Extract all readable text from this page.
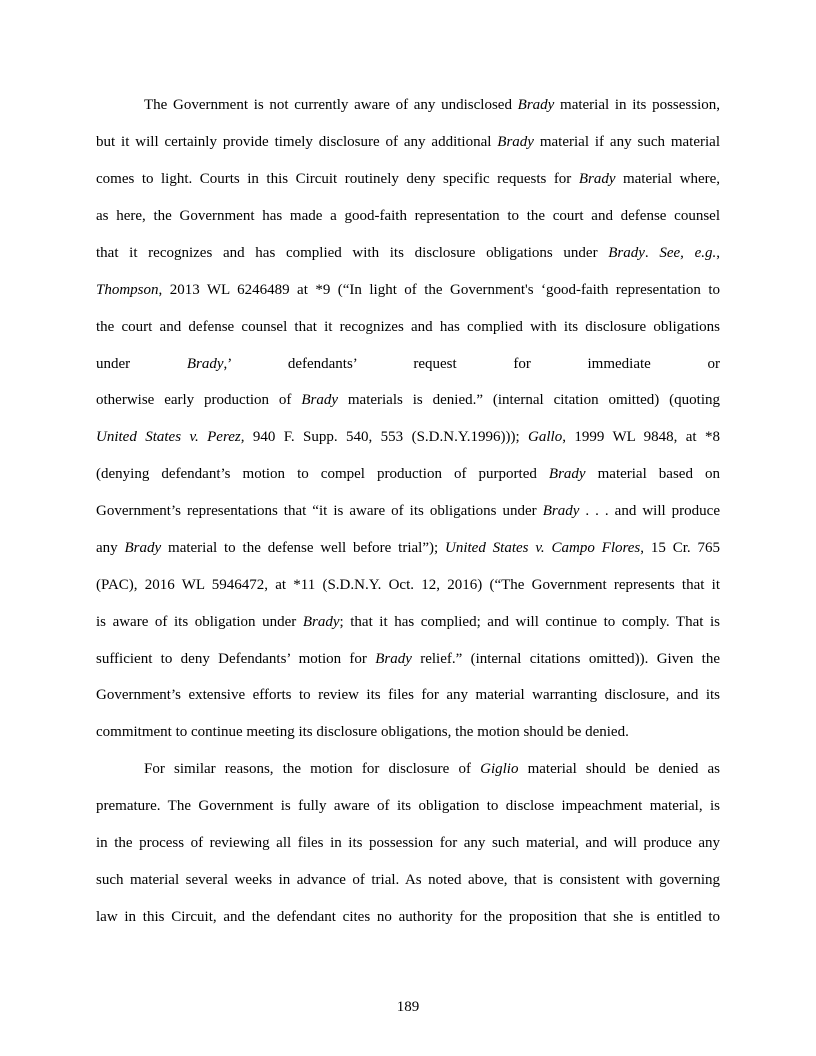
The Government is not currently aware of any undisclosed Brady material in its possession,
but it will certainly provide timely disclosure of any additional Brady material if any such material
comes to light. Courts in this Circuit routinely deny specific requests for Brady material where,
as here, the Government has made a good-faith representation to the court and defense counsel
that it recognizes and has complied with its disclosure obligations under Brady. See, e.g.,
Thompson, 2013 WL 6246489 at *9 (“In light of the Government's ‘good-faith representation to
the court and defense counsel that it recognizes and has complied with its disclosure obligations
under Brady,’ defendants’ request for immediate or
otherwise early production of Brady materials is denied.” (internal citation omitted) (quoting
United States v. Perez, 940 F. Supp. 540, 553 (S.D.N.Y.1996))); Gallo, 1999 WL 9848, at *8
(denying defendant’s motion to compel production of purported Brady material based on
Government’s representations that “it is aware of its obligations under Brady . . . and will produce
any Brady material to the defense well before trial”); United States v. Campo Flores, 15 Cr. 765
(PAC), 2016 WL 5946472, at *11 (S.D.N.Y. Oct. 12, 2016) (“The Government represents that it
is aware of its obligation under Brady; that it has complied; and will continue to comply. That is
sufficient to deny Defendants’ motion for Brady relief.” (internal citations omitted)). Given the
Government’s extensive efforts to review its files for any material warranting disclosure, and its
commitment to continue meeting its disclosure obligations, the motion should be denied.
For similar reasons, the motion for disclosure of Giglio material should be denied as
premature. The Government is fully aware of its obligation to disclose impeachment material, is
in the process of reviewing all files in its possession for any such material, and will produce any
such material several weeks in advance of trial. As noted above, that is consistent with governing
law in this Circuit, and the defendant cites no authority for the proposition that she is entitled to
189
